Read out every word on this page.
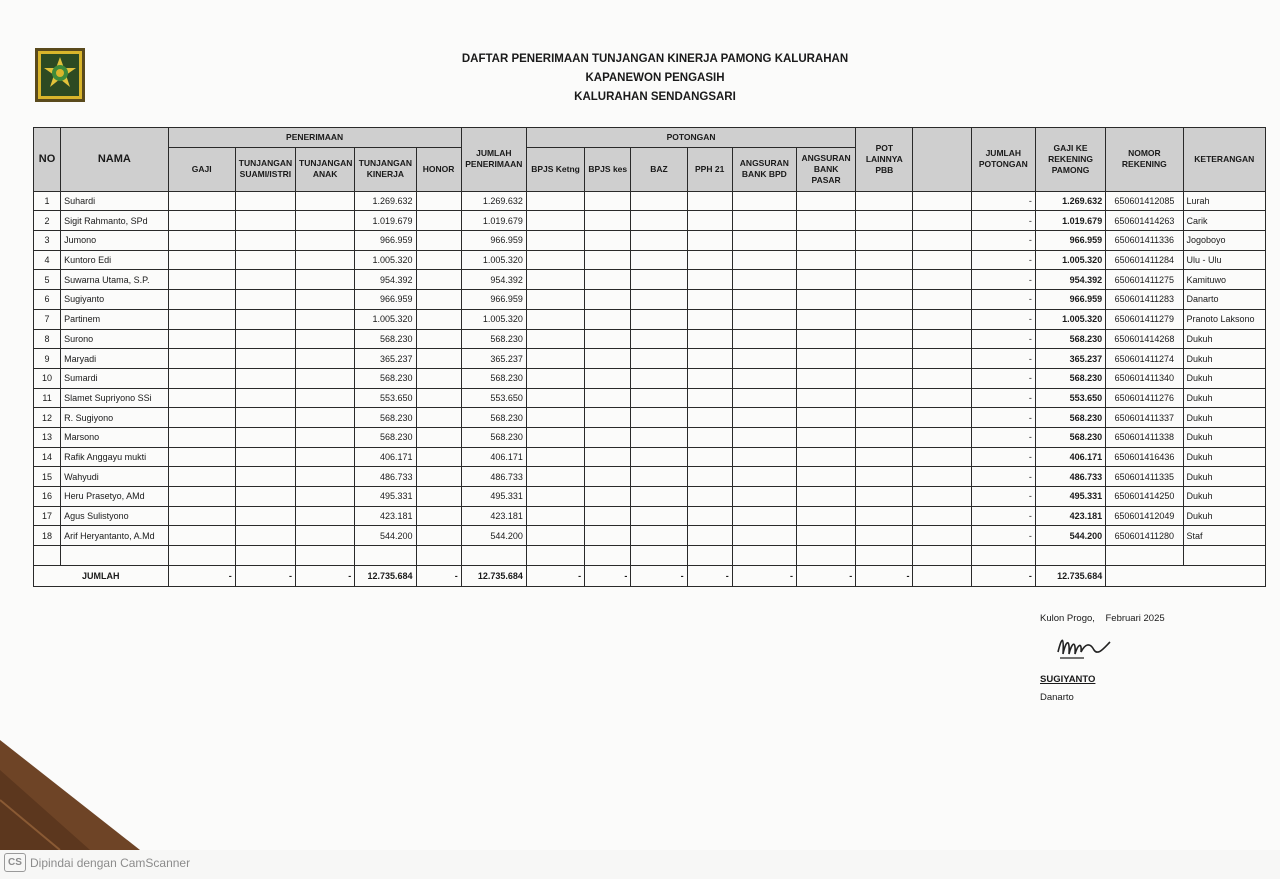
DAFTAR PENERIMAAN TUNJANGAN KINERJA PAMONG KALURAHAN
KAPANEWON PENGASIH
KALURAHAN SENDANGSARI
NO	NAMA	PENERIMAAN					JUMLAH PENERIMAAN	POTONGAN						POT LAINNYA PBB		JUMLAH POTONGAN	GAJI KE REKENING PAMONG	NOMOR REKENING	KETERANGAN
		GAJI	TUNJANGAN SUAMI/ISTRI	TUNJANGAN ANAK	TUNJANGAN KINERJA	HONOR		BPJS Ketng	BPJS kes	BAZ	PPH 21	ANGSURAN BANK BPD	ANGSURAN BANK PASAR						
1	Suhardi				1.269.632		1.269.632									-	1.269.632	650601412085	Lurah
2	Sigit Rahmanto, SPd				1.019.679		1.019.679									-	1.019.679	650601414263	Carik
3	Jumono				966.959		966.959									-	966.959	650601411336	Jogoboyo
4	Kuntoro Edi				1.005.320		1.005.320									-	1.005.320	650601411284	Ulu - Ulu
5	Suwarna Utama, S.P.				954.392		954.392									-	954.392	650601411275	Kamituwo
6	Sugiyanto				966.959		966.959									-	966.959	650601411283	Danarto
7	Partinem				1.005.320		1.005.320									-	1.005.320	650601411279	Pranoto Laksono
8	Surono				568.230		568.230									-	568.230	650601414268	Dukuh
9	Maryadi				365.237		365.237									-	365.237	650601411274	Dukuh
10	Sumardi				568.230		568.230									-	568.230	650601411340	Dukuh
11	Slamet Supriyono SSi				553.650		553.650									-	553.650	650601411276	Dukuh
12	R. Sugiyono				568.230		568.230									-	568.230	650601411337	Dukuh
13	Marsono				568.230		568.230									-	568.230	650601411338	Dukuh
14	Rafik Anggayu mukti				406.171		406.171									-	406.171	650601416436	Dukuh
15	Wahyudi				486.733		486.733									-	486.733	650601411335	Dukuh
16	Heru Prasetyo, AMd				495.331		495.331									-	495.331	650601414250	Dukuh
17	Agus Sulistyono				423.181		423.181									-	423.181	650601412049	Dukuh
18	Arif Heryantanto, A.Md				544.200		544.200									-	544.200	650601411280	Staf

JUMLAH		-	-	-	12.735.684	-	12.735.684	-	-	-	-	-	-	-		-	12.735.684		
Kulon Progo,    Februari 2025
SUGIYANTO
Danarto
CS Dipindai dengan CamScanner
